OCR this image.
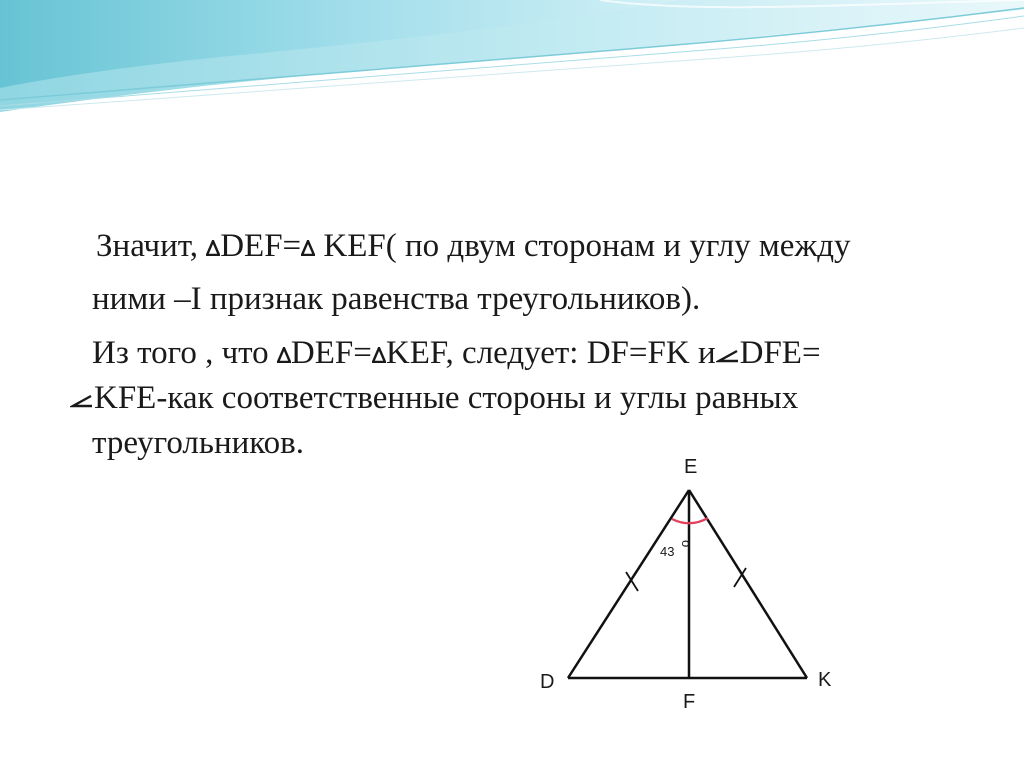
Значит, DEF= KEF( по двум сторонам и углу между
ними –I признак равенства треугольников).
Из того , что DEF= KEF, следует: DF=FK и DFE=
KFE-как соответственные стороны и углы равных
треугольников.
43
o
E
D	K
F
